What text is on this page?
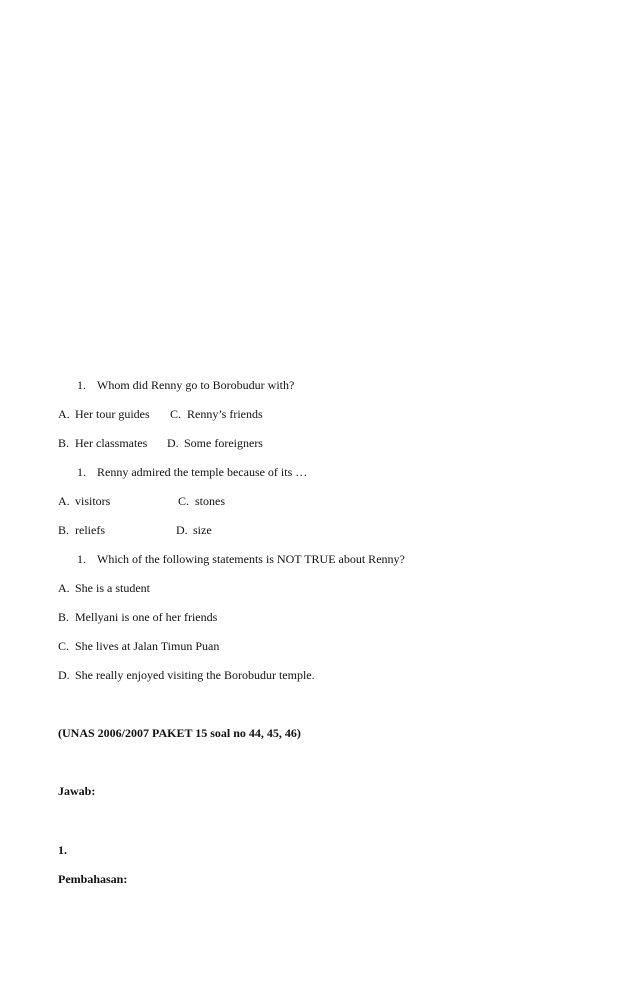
1. Whom did Renny go to Borobudur with?

A. Her tour guides C. Renny’s friends

B. Her classmates D. Some foreigners

1. Renny admired the temple because of its …

A. visitors	C. stones

B. reliefs	D. size

1. Which of the following statements is NOT TRUE about Renny?

A. She is a student

B. Mellyani is one of her friends

C. She lives at Jalan Timun Puan

D. She really enjoyed visiting the Borobudur temple.

(UNAS 2006/2007 PAKET 15 soal no 44, 45, 46)

Jawab:

1.

Pembahasan:
